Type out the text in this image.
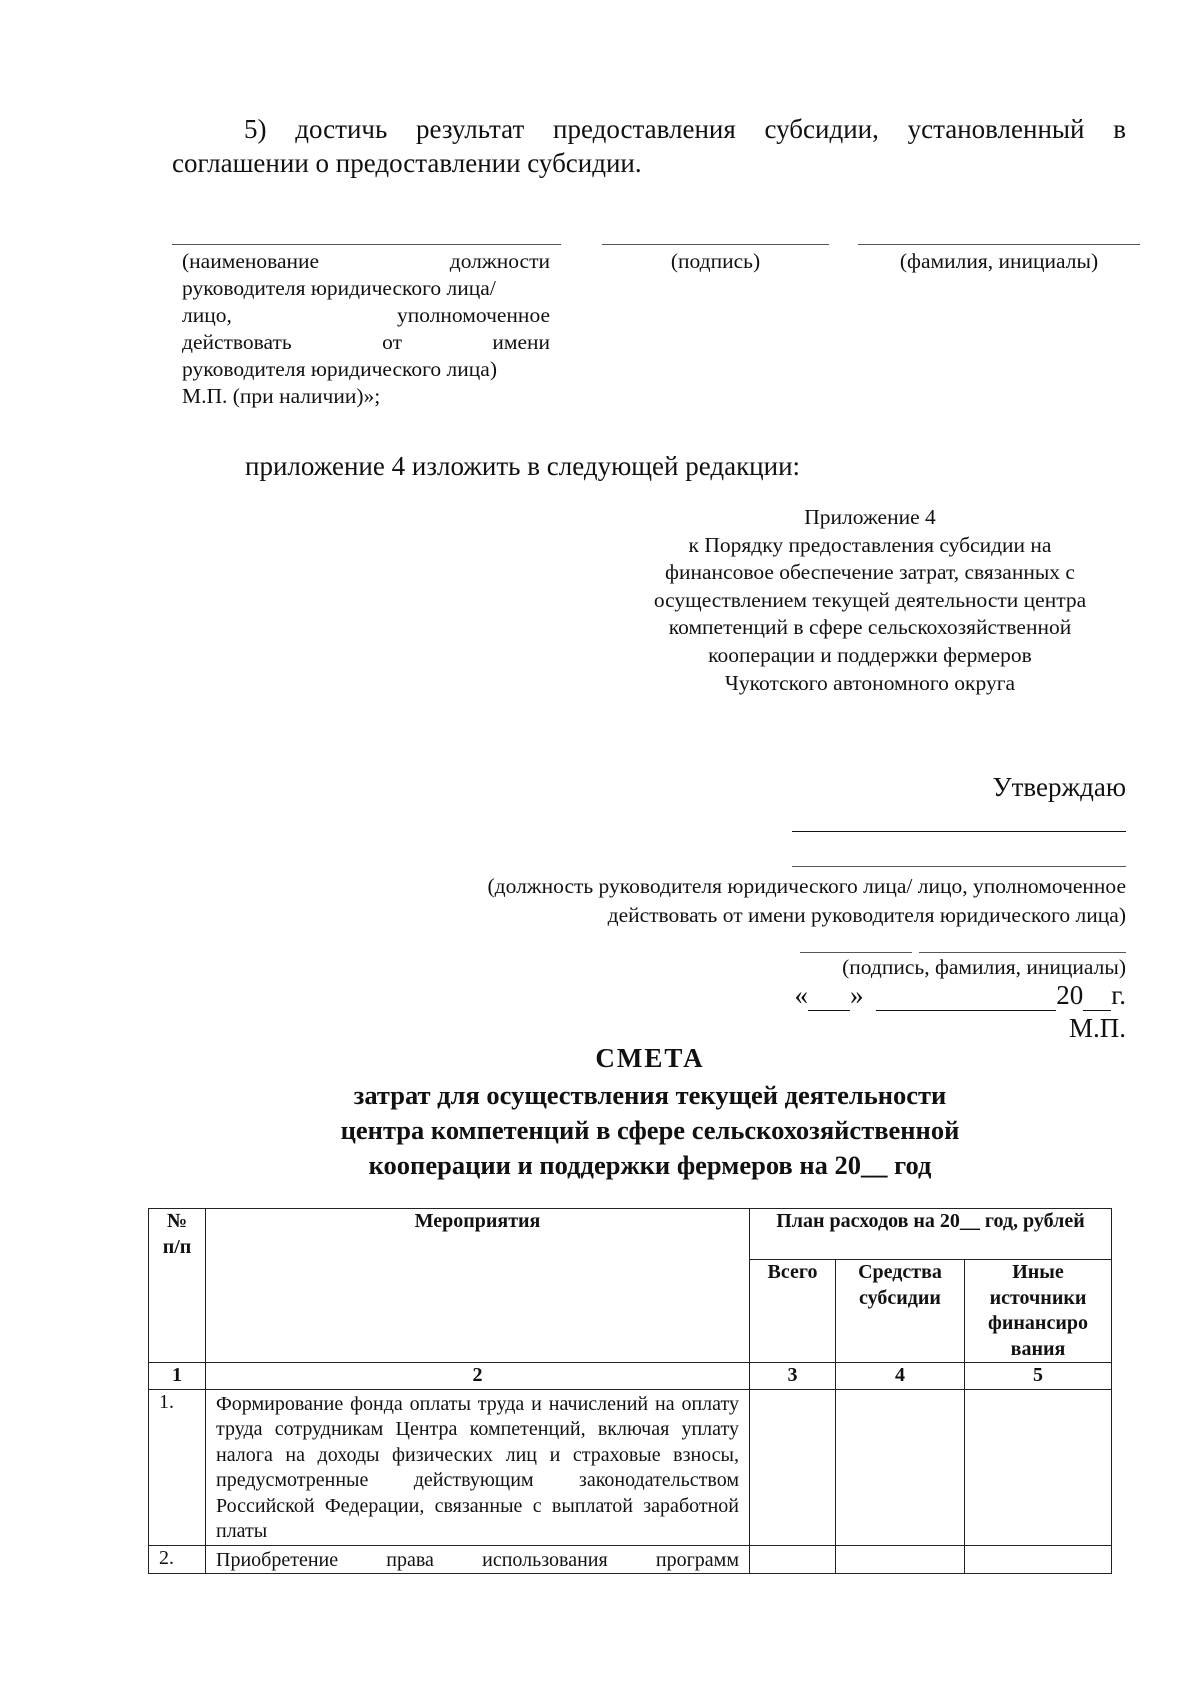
5) достичь результат предоставления субсидии, установленный в
соглашении о предоставлении субсидии.
(наименование должности
руководителя юридического лица/
лицо, уполномоченное
действовать от имени
руководителя юридического лица)
М.П. (при наличии)»;
(подпись)	(фамилия, инициалы)
приложение 4 изложить в следующей редакции:
Приложение 4
к Порядку предоставления субсидии на
финансовое обеспечение затрат, связанных с
осуществлением текущей деятельности центра
компетенций в сфере сельскохозяйственной
кооперации и поддержки фермеров
Чукотского автономного округа
Утверждаю
(должность руководителя юридического лица/ лицо, уполномоченное
действовать от имени руководителя юридического лица)
(подпись, фамилия, инициалы)
« »	20 г.
М.П.
СМЕТА
затрат для осуществления текущей деятельности
центра компетенций в сфере сельскохозяйственной
кооперации и поддержки фермеров на 20__ год
№ п/п	Мероприятия	План расходов на 20__ год, рублей		
		Всего	Средства субсидии	Иные источники финансиро вания
1	2	3	4	5
1.	Формирование фонда оплаты труда и начислений на оплату труда сотрудникам Центра компетенций, включая уплату налога на доходы физических лиц и страховые взносы, предусмотренные действующим законодательством Российской Федерации, связанные с выплатой заработной платы			
2.	Приобретение права использования программ			
